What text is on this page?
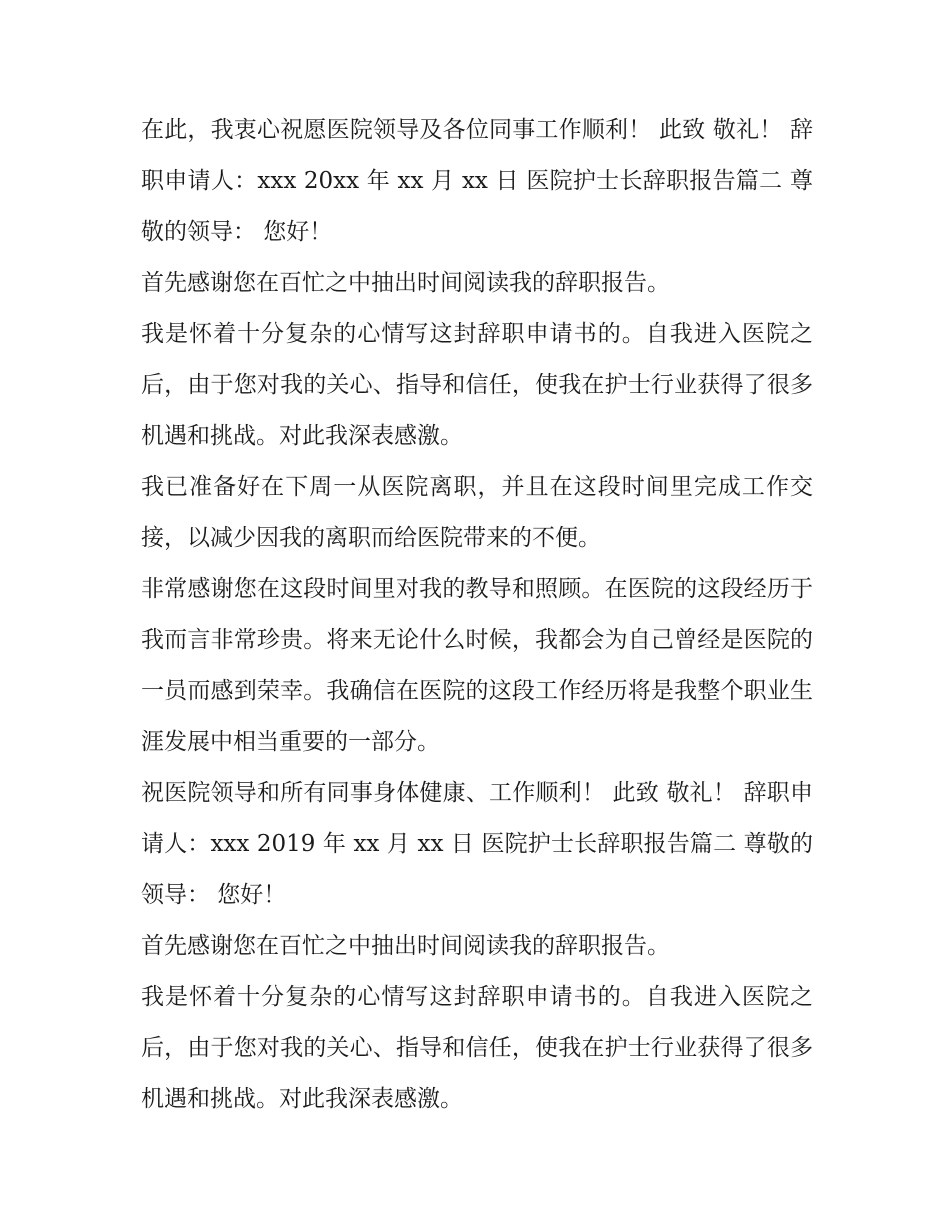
在此，我衷心祝愿医院领导及各位同事工作顺利！ 此致 敬礼！ 辞职申请人：xxx 20xx 年 xx 月 xx 日 医院护士长辞职报告篇二 尊敬的领导： 您好！

首先感谢您在百忙之中抽出时间阅读我的辞职报告。

我是怀着十分复杂的心情写这封辞职申请书的。自我进入医院之后，由于您对我的关心、指导和信任，使我在护士行业获得了很多机遇和挑战。对此我深表感激。

我已准备好在下周一从医院离职，并且在这段时间里完成工作交接，以减少因我的离职而给医院带来的不便。

非常感谢您在这段时间里对我的教导和照顾。在医院的这段经历于我而言非常珍贵。将来无论什么时候，我都会为自己曾经是医院的一员而感到荣幸。我确信在医院的这段工作经历将是我整个职业生涯发展中相当重要的一部分。

祝医院领导和所有同事身体健康、工作顺利！ 此致 敬礼！ 辞职申请人：xxx 2019 年 xx 月 xx 日 医院护士长辞职报告篇二 尊敬的领导： 您好！

首先感谢您在百忙之中抽出时间阅读我的辞职报告。

我是怀着十分复杂的心情写这封辞职申请书的。自我进入医院之后，由于您对我的关心、指导和信任，使我在护士行业获得了很多机遇和挑战。对此我深表感激。
